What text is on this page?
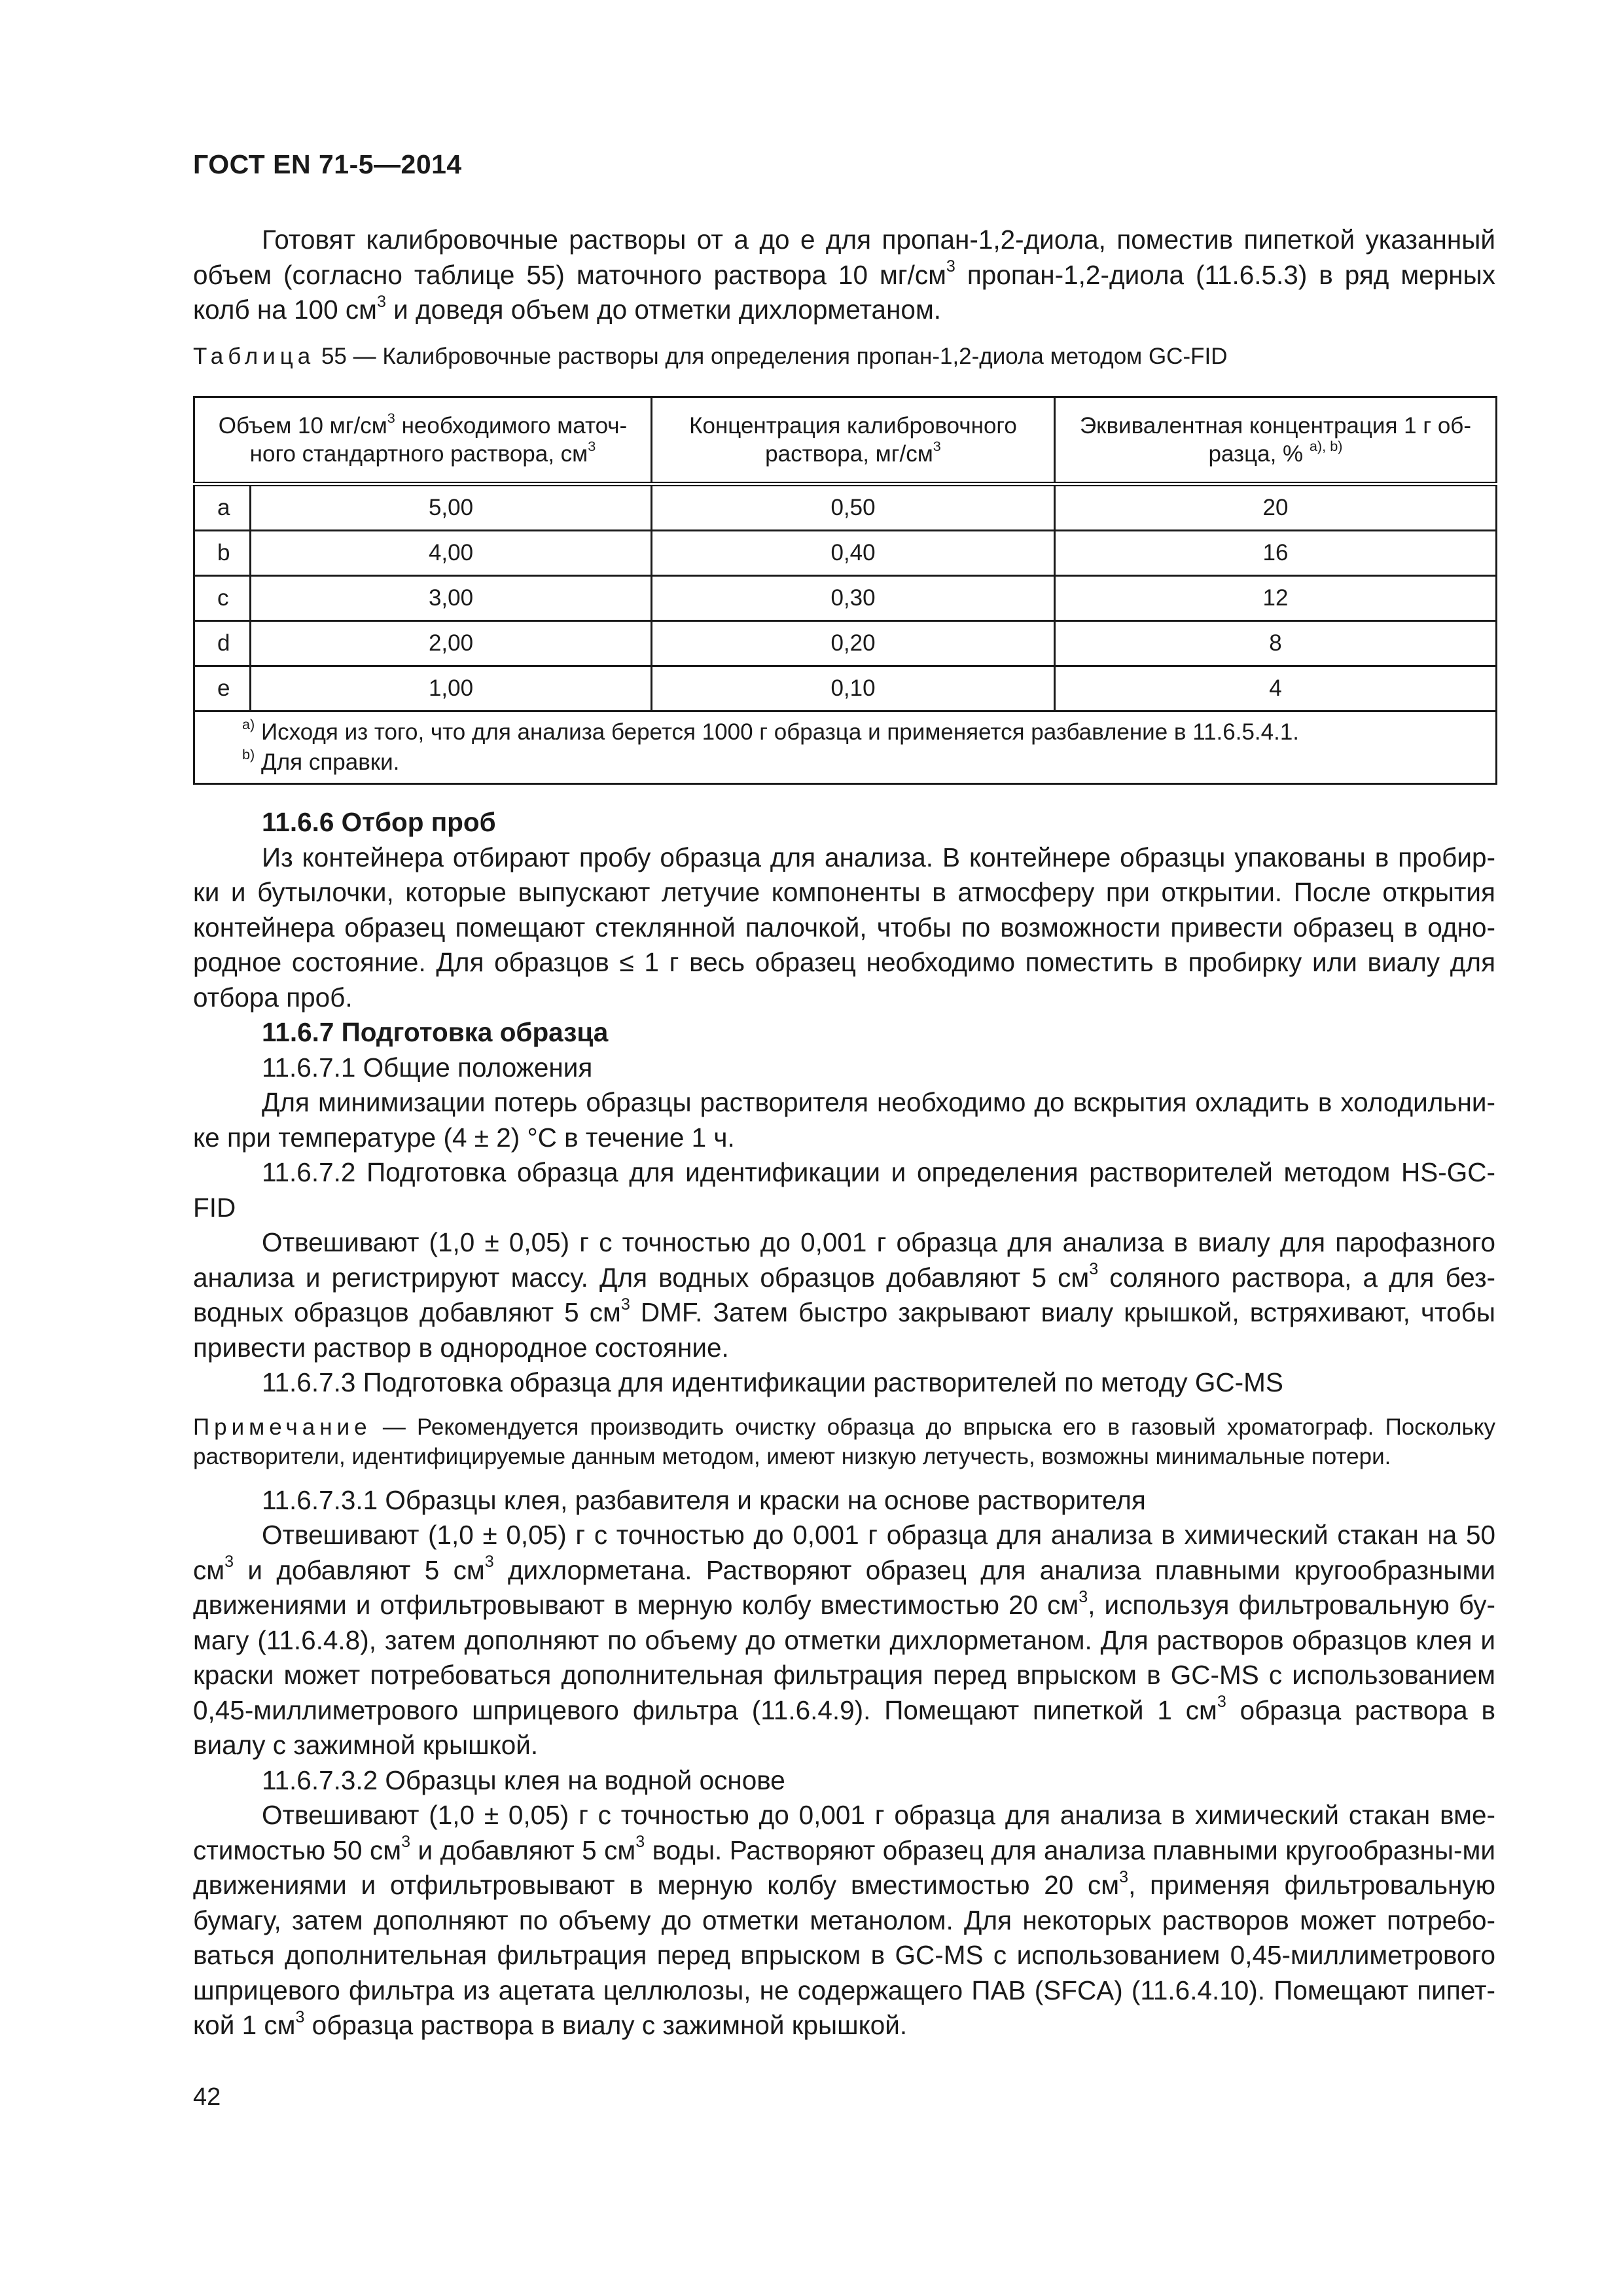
ГОСТ EN 71-5—2014

Готовят калибровочные растворы от а до е для пропан-1,2-диола, поместив пипеткой указанный объем (согласно таблице 55) маточного раствора 10 $мг/см^3$ пропан-1,2-диола (11.6.5.3) в ряд мерных колб на 100 $см^3$ и доведя объем до отметки дихлорметаном.

Таблица 55 — Калибровочные растворы для определения пропан-1,2-диола методом GC-FID
Объем 10 $мг/см^3$ необходимого маточ-ного стандартного раствора, $см^3$		Концентрация калибровочного раствора, $мг/см^3$	Эквивалентная концентрация 1 г об-разца, % $^{а), b)}$
a	5,00	0,50	20
b	4,00	0,40	16
c	3,00	0,30	12
d	2,00	0,20	8
e	1,00	0,10	4

$^{а)}$ Исходя из того, что для анализа берется 1000 г образца и применяется разбавление в 11.6.5.4.1.
$^{b)}$ Для справки.			

11.6.6 Отбор проб

Из контейнера отбирают пробу образца для анализа. В контейнере образцы упакованы в пробир-ки и бутылочки, которые выпускают летучие компоненты в атмосферу при открытии. После открытия контейнера образец помещают стеклянной палочкой, чтобы по возможности привести образец в одно-родное состояние. Для образцов ≤ 1 г весь образец необходимо поместить в пробирку или виалу для отбора проб.

11.6.7 Подготовка образца

11.6.7.1 Общие положения

Для минимизации потерь образцы растворителя необходимо до вскрытия охладить в холодильни-ке при температуре (4 ± 2) °C в течение 1 ч.

11.6.7.2 Подготовка образца для идентификации и определения растворителей методом HS-GC-FID

Отвешивают (1,0 ± 0,05) г с точностью до 0,001 г образца для анализа в виалу для парофазного анализа и регистрируют массу. Для водных образцов добавляют 5 $см^3$ соляного раствора, а для без-водных образцов добавляют 5 $см^3$ DMF. Затем быстро закрывают виалу крышкой, встряхивают, чтобы привести раствор в однородное состояние.

11.6.7.3 Подготовка образца для идентификации растворителей по методу GC-MS

Примечание — Рекомендуется производить очистку образца до впрыска его в газовый хроматограф. Поскольку растворители, идентифицируемые данным методом, имеют низкую летучесть, возможны минимальные потери.

11.6.7.3.1 Образцы клея, разбавителя и краски на основе растворителя

Отвешивают (1,0 ± 0,05) г с точностью до 0,001 г образца для анализа в химический стакан на 50 $см^3$ и добавляют 5 $см^3$ дихлорметана. Растворяют образец для анализа плавными кругообразными движениями и отфильтровывают в мерную колбу вместимостью 20 $см^3$, используя фильтровальную бу-магу (11.6.4.8), затем дополняют по объему до отметки дихлорметаном. Для растворов образцов клея и краски может потребоваться дополнительная фильтрация перед впрыском в GC-MS с использованием 0,45-миллиметрового шприцевого фильтра (11.6.4.9). Помещают пипеткой 1 $см^3$ образца раствора в виалу с зажимной крышкой.

11.6.7.3.2 Образцы клея на водной основе

Отвешивают (1,0 ± 0,05) г с точностью до 0,001 г образца для анализа в химический стакан вме-стимостью 50 $см^3$ и добавляют 5 $см^3$ воды. Растворяют образец для анализа плавными кругообразны-ми движениями и отфильтровывают в мерную колбу вместимостью 20 $см^3$, применяя фильтровальную бумагу, затем дополняют по объему до отметки метанолом. Для некоторых растворов может потребо-ваться дополнительная фильтрация перед впрыском в GC-MS с использованием 0,45-миллиметрового шприцевого фильтра из ацетата целлюлозы, не содержащего ПАВ (SFCA) (11.6.4.10). Помещают пипет-кой 1 $см^3$ образца раствора в виалу с зажимной крышкой.

42
